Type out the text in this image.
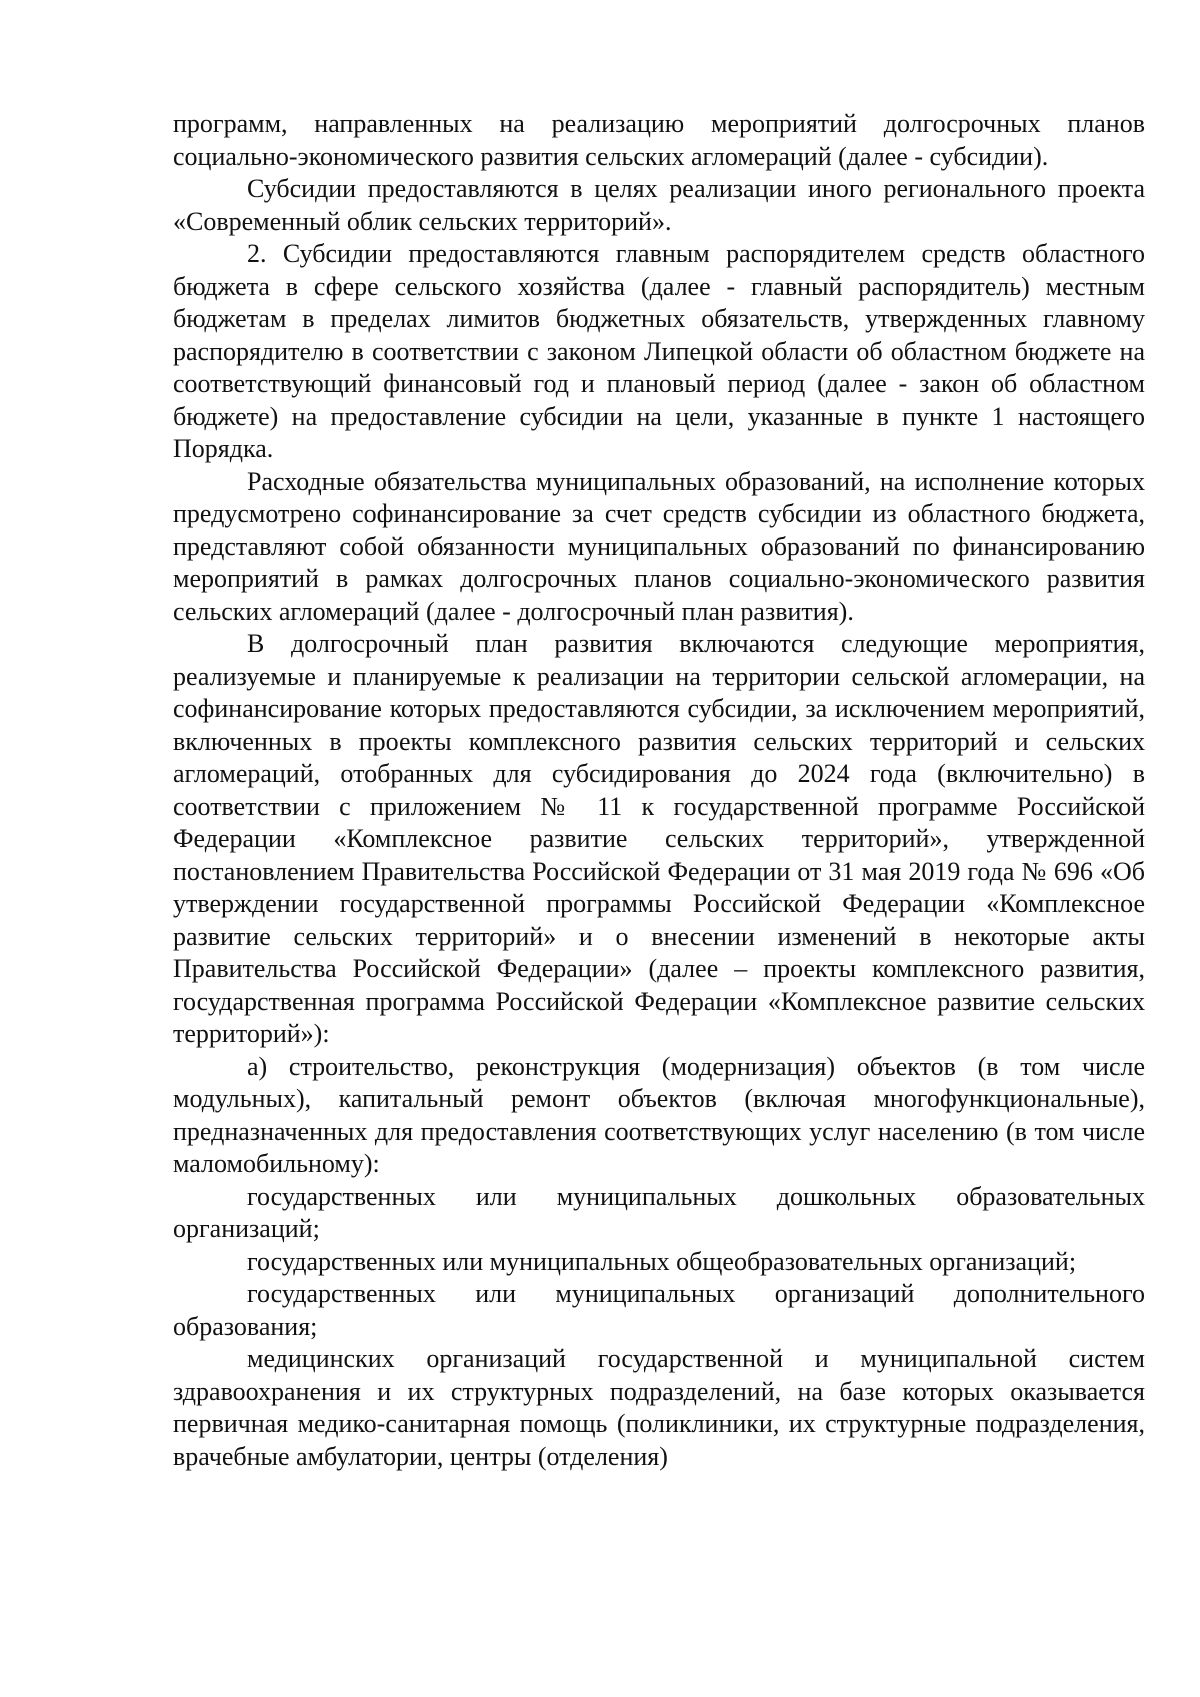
программ, направленных на реализацию мероприятий долгосрочных планов социально-экономического развития сельских агломераций (далее - субсидии).

Субсидии предоставляются в целях реализации иного регионального проекта «Современный облик сельских территорий».

2. Субсидии предоставляются главным распорядителем средств областного бюджета в сфере сельского хозяйства (далее - главный распорядитель) местным бюджетам в пределах лимитов бюджетных обязательств, утвержденных главному распорядителю в соответствии с законом Липецкой области об областном бюджете на соответствующий финансовый год и плановый период (далее - закон об областном бюджете) на предоставление субсидии на цели, указанные в пункте 1 настоящего Порядка.

Расходные обязательства муниципальных образований, на исполнение которых предусмотрено софинансирование за счет средств субсидии из областного бюджета, представляют собой обязанности муниципальных образований по финансированию мероприятий в рамках долгосрочных планов социально-экономического развития сельских агломераций (далее - долгосрочный план развития).

В долгосрочный план развития включаются следующие мероприятия, реализуемые и планируемые к реализации на территории сельской агломерации, на софинансирование которых предоставляются субсидии, за исключением мероприятий, включенных в проекты комплексного развития сельских территорий и сельских агломераций, отобранных для субсидирования до 2024 года (включительно) в соответствии с приложением № 11 к государственной программе Российской Федерации «Комплексное развитие сельских территорий», утвержденной постановлением Правительства Российской Федерации от 31 мая 2019 года № 696 «Об утверждении государственной программы Российской Федерации «Комплексное развитие сельских территорий» и о внесении изменений в некоторые акты Правительства Российской Федерации» (далее – проекты комплексного развития, государственная программа Российской Федерации «Комплексное развитие сельских территорий»):

а) строительство, реконструкция (модернизация) объектов (в том числе модульных), капитальный ремонт объектов (включая многофункциональные), предназначенных для предоставления соответствующих услуг населению (в том числе маломобильному):

государственных или муниципальных дошкольных образовательных организаций;

государственных или муниципальных общеобразовательных организаций;

государственных или муниципальных организаций дополнительного образования;

медицинских организаций государственной и муниципальной систем здравоохранения и их структурных подразделений, на базе которых оказывается первичная медико-санитарная помощь (поликлиники, их структурные подразделения, врачебные амбулатории, центры (отделения)
